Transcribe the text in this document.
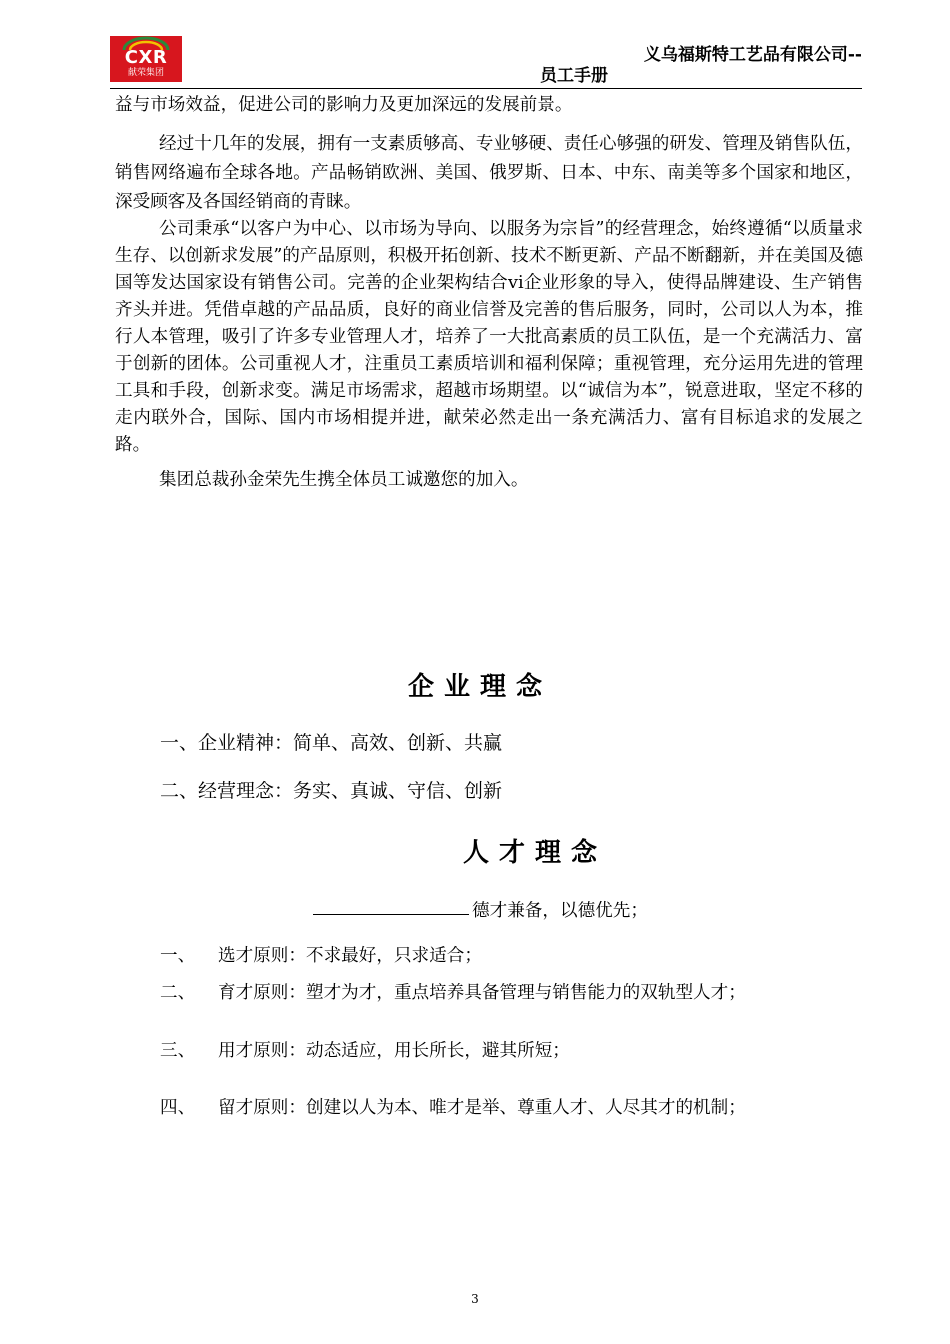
CXR
献荣集团
义乌福斯特工艺品有限公司--
员工手册

益与市场效益，促进公司的影响力及更加深远的发展前景。

经过十几年的发展，拥有一支素质够高、专业够硬、责任心够强的研发、管理及销售队伍，销售网络遍布全球各地。产品畅销欧洲、美国、俄罗斯、日本、中东、南美等多个国家和地区，深受顾客及各国经销商的青睐。

公司秉承“以客户为中心、以市场为导向、以服务为宗旨”的经营理念，始终遵循“以质量求生存、以创新求发展”的产品原则，积极开拓创新、技术不断更新、产品不断翻新，并在美国及德国等发达国家设有销售公司。完善的企业架构结合vi企业形象的导入，使得品牌建设、生产销售齐头并进。凭借卓越的产品品质，良好的商业信誉及完善的售后服务，同时，公司以人为本，推行人本管理，吸引了许多专业管理人才，培养了一大批高素质的员工队伍，是一个充满活力、富于创新的团体。公司重视人才，注重员工素质培训和福利保障；重视管理，充分运用先进的管理工具和手段，创新求变。满足市场需求，超越市场期望。以“诚信为本”，锐意进取，坚定不移的走内联外合，国际、国内市场相提并进，献荣必然走出一条充满活力、富有目标追求的发展之路。

集团总裁孙金荣先生携全体员工诚邀您的加入。

企业理念
一、企业精神：简单、高效、创新、共赢
二、经营理念：务实、真诚、守信、创新
人才理念
德才兼备，以德优先；
一、 选才原则：不求最好，只求适合；
二、 育才原则：塑才为才，重点培养具备管理与销售能力的双轨型人才；
三、 用才原则：动态适应，用长所长，避其所短；
四、 留才原则：创建以人为本、唯才是举、尊重人才、人尽其才的机制；
3
